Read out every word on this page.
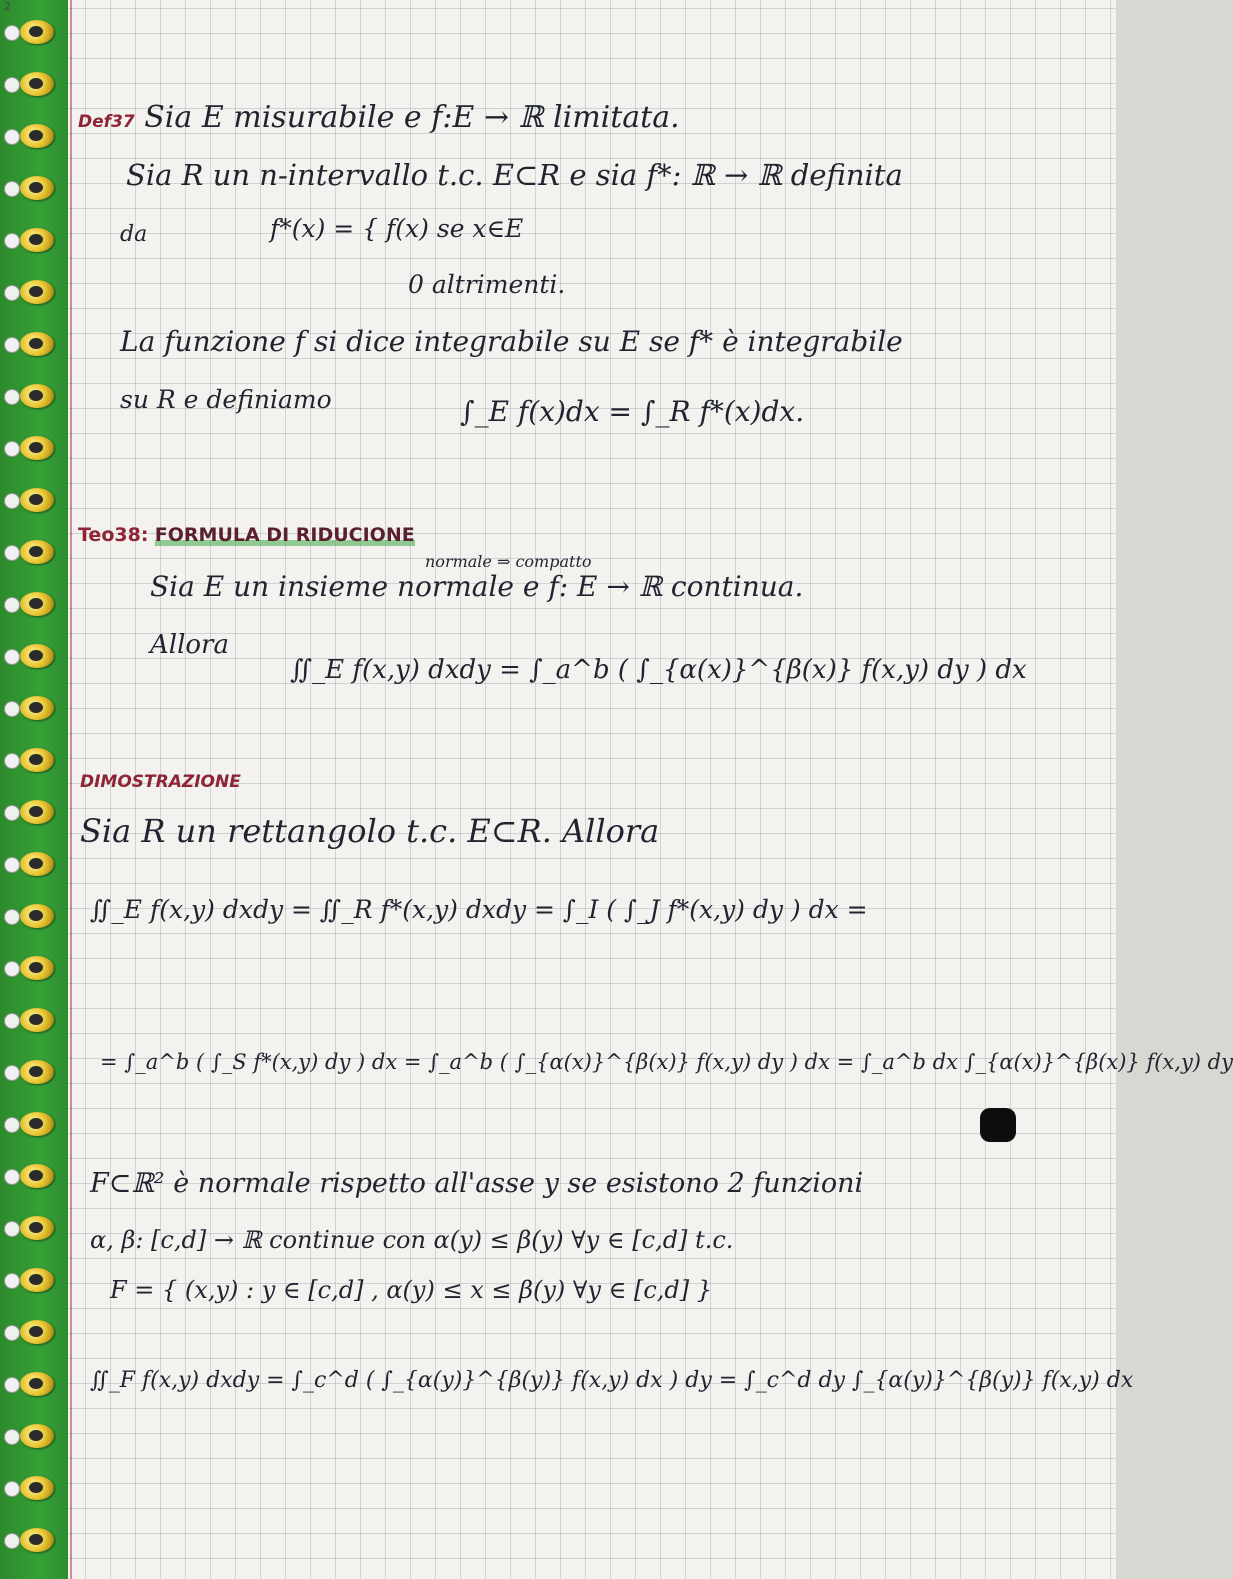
2
Def37 Sia E misurabile e f:E → ℝ limitata.
Sia R un n-intervallo t.c. E⊂R e sia f*: ℝ → ℝ definita
da	f*(x) = { f(x) se x∈E
0 altrimenti.
La funzione f si dice integrabile su E se f* è integrabile
su R e definiamo	∫_E f(x)dx = ∫_R f*(x)dx.
Teo38: FORMULA DI RIDUCIONE
normale ⇒ compatto
Sia E un insieme normale e f: E → ℝ continua.
Allora
∬_E f(x,y) dxdy = ∫_a^b ( ∫_{α(x)}^{β(x)} f(x,y) dy ) dx
DIMOSTRAZIONE
Sia R un rettangolo t.c. E⊂R. Allora
∬_E f(x,y) dxdy = ∬_R f*(x,y) dxdy = ∫_I ( ∫_J f*(x,y) dy ) dx =
= ∫_a^b ( ∫_S f*(x,y) dy ) dx = ∫_a^b ( ∫_{α(x)}^{β(x)} f(x,y) dy ) dx = ∫_a^b dx ∫_{α(x)}^{β(x)} f(x,y) dy
F⊂ℝ² è normale rispetto all'asse y se esistono 2 funzioni
α, β: [c,d] → ℝ continue con α(y) ≤ β(y) ∀y ∈ [c,d] t.c.
F = { (x,y) : y ∈ [c,d] , α(y) ≤ x ≤ β(y) ∀y ∈ [c,d] }
∬_F f(x,y) dxdy = ∫_c^d ( ∫_{α(y)}^{β(y)} f(x,y) dx ) dy = ∫_c^d dy ∫_{α(y)}^{β(y)} f(x,y) dx
